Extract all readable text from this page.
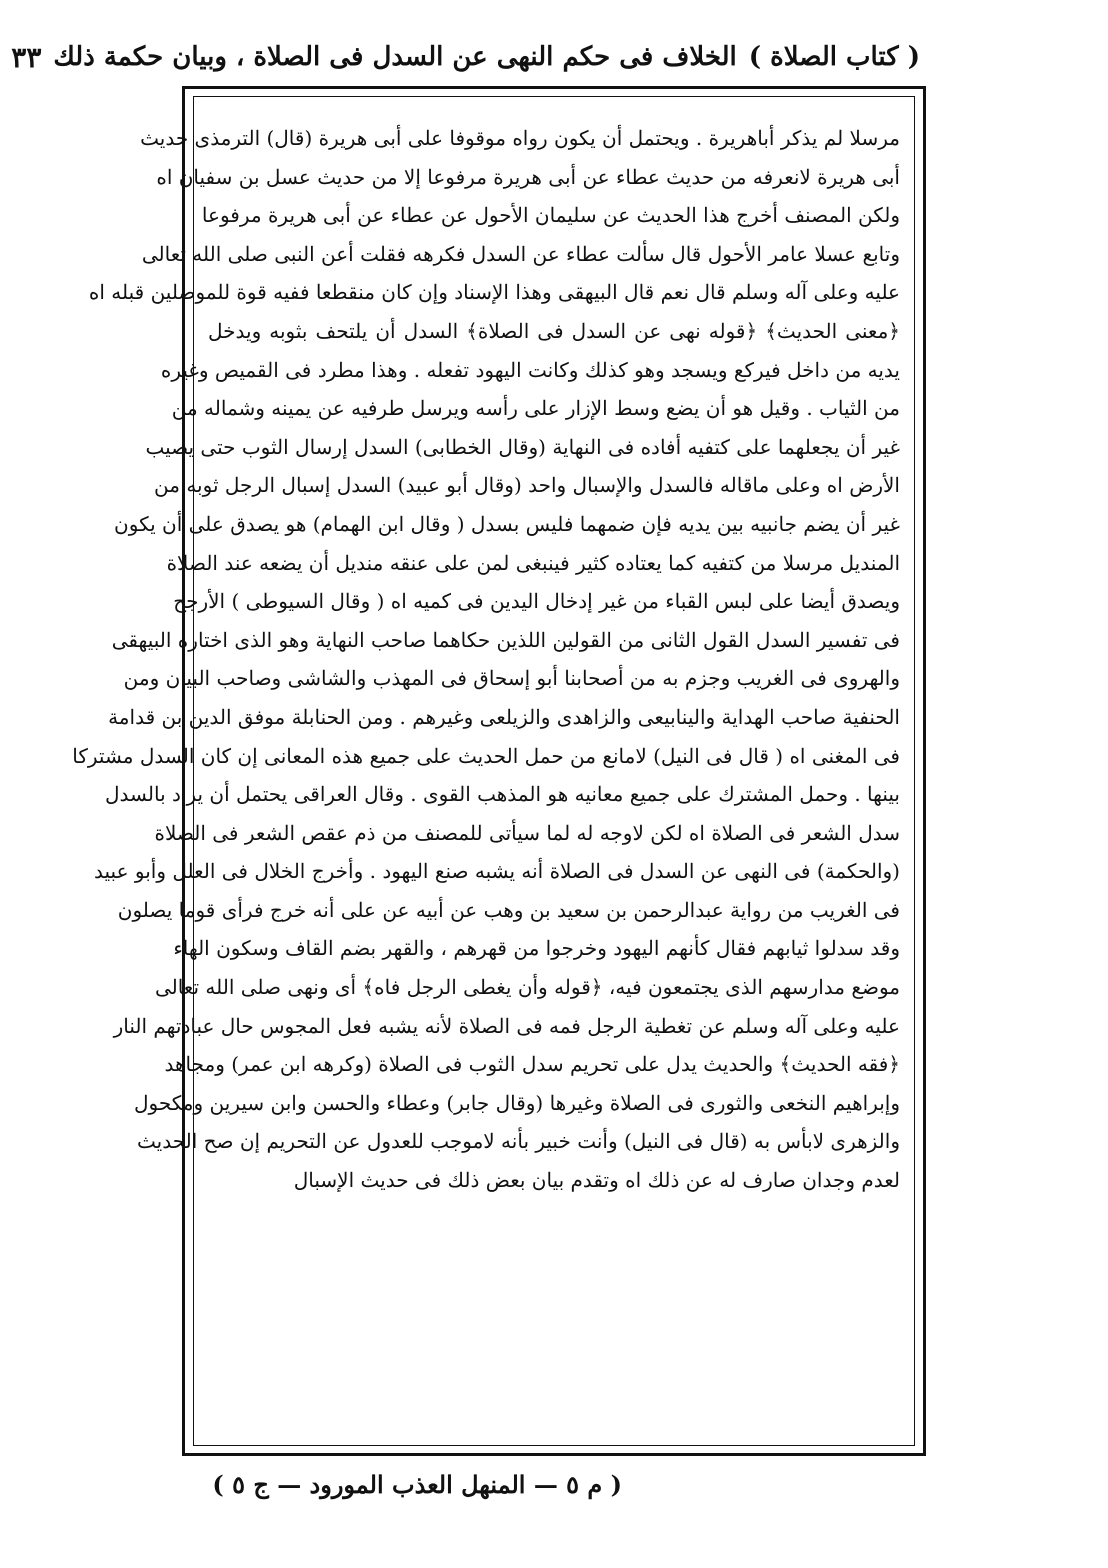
( كتاب الصلاة )
الخلاف فى حكم النهى عن السدل فى الصلاة ، وبيان حكمة ذلك
٣٣
مرسلا لم يذكر أباهريرة . ويحتمل أن يكون رواه موقوفا على أبى هريرة (قال) الترمذى حديث
أبى هريرة لانعرفه من حديث عطاء عن أبى هريرة مرفوعا إلا من حديث عسل بن سفيان اه
ولكن المصنف أخرج هذا الحديث عن سليمان الأحول عن عطاء عن أبى هريرة مرفوعا
وتابع عسلا عامر الأحول قال سألت عطاء عن السدل فكرهه فقلت أعن النبى صلى الله تعالى
عليه وعلى آله وسلم قال نعم قال البيهقى وهذا الإسناد وإن كان منقطعا ففيه قوة للموصلين قبله اه
﴿معنى الحديث﴾ ﴿قوله نهى عن السدل فى الصلاة﴾ السدل أن يلتحف بثوبه ويدخل
يديه من داخل فيركع ويسجد وهو كذلك وكانت اليهود تفعله . وهذا مطرد فى القميص وغيره
من الثياب . وقيل هو أن يضع وسط الإزار على رأسه ويرسل طرفيه عن يمينه وشماله من
غير أن يجعلهما على كتفيه أفاده فى النهاية (وقال الخطابى) السدل إرسال الثوب حتى يصيب
الأرض اه وعلى ماقاله فالسدل والإسبال واحد (وقال أبو عبيد) السدل إسبال الرجل ثوبه من
غير أن يضم جانبيه بين يديه فإن ضمهما فليس بسدل ( وقال ابن الهمام) هو يصدق على أن يكون
المنديل مرسلا من كتفيه كما يعتاده كثير فينبغى لمن على عنقه منديل أن يضعه عند الصلاة
ويصدق أيضا على لبس القباء من غير إدخال اليدين فى كميه اه ( وقال السيوطى ) الأرجح
فى تفسير السدل القول الثانى من القولين اللذين حكاهما صاحب النهاية وهو الذى اختاره البيهقى
والهروى فى الغريب وجزم به من أصحابنا أبو إسحاق فى المهذب والشاشى وصاحب البيان ومن
الحنفية صاحب الهداية والينابيعى والزاهدى والزيلعى وغيرهم . ومن الحنابلة موفق الدين بن قدامة
فى المغنى اه ( قال فى النيل) لامانع من حمل الحديث على جميع هذه المعانى إن كان السدل مشتركا
بينها . وحمل المشترك على جميع معانيه هو المذهب القوى . وقال العراقى يحتمل أن يراد بالسدل
سدل الشعر فى الصلاة اه لكن لاوجه له لما سيأتى للمصنف من ذم عقص الشعر فى الصلاة
(والحكمة) فى النهى عن السدل فى الصلاة أنه يشبه صنع اليهود . وأخرج الخلال فى العلل وأبو عبيد
فى الغريب من رواية عبدالرحمن بن سعيد بن وهب عن أبيه عن على أنه خرج فرأى قوما يصلون
وقد سدلوا ثيابهم فقال كأنهم اليهود وخرجوا من قهرهم ، والقهر بضم القاف وسكون الهاء
موضع مدارسهم الذى يجتمعون فيه، ﴿قوله وأن يغطى الرجل فاه﴾ أى ونهى صلى الله تعالى
عليه وعلى آله وسلم عن تغطية الرجل فمه فى الصلاة لأنه يشبه فعل المجوس حال عبادتهم النار
﴿فقه الحديث﴾ والحديث يدل على تحريم سدل الثوب فى الصلاة (وكرهه ابن عمر) ومجاهد
وإبراهيم النخعى والثورى فى الصلاة وغيرها (وقال جابر) وعطاء والحسن وابن سيرين ومكحول
والزهرى لابأس به (قال فى النيل) وأنت خبير بأنه لاموجب للعدول عن التحريم إن صح الحديث
لعدم وجدان صارف له عن ذلك اه وتقدم بيان بعض ذلك فى حديث الإسبال
( م ٥ — المنهل العذب المورود — ج ٥ )
